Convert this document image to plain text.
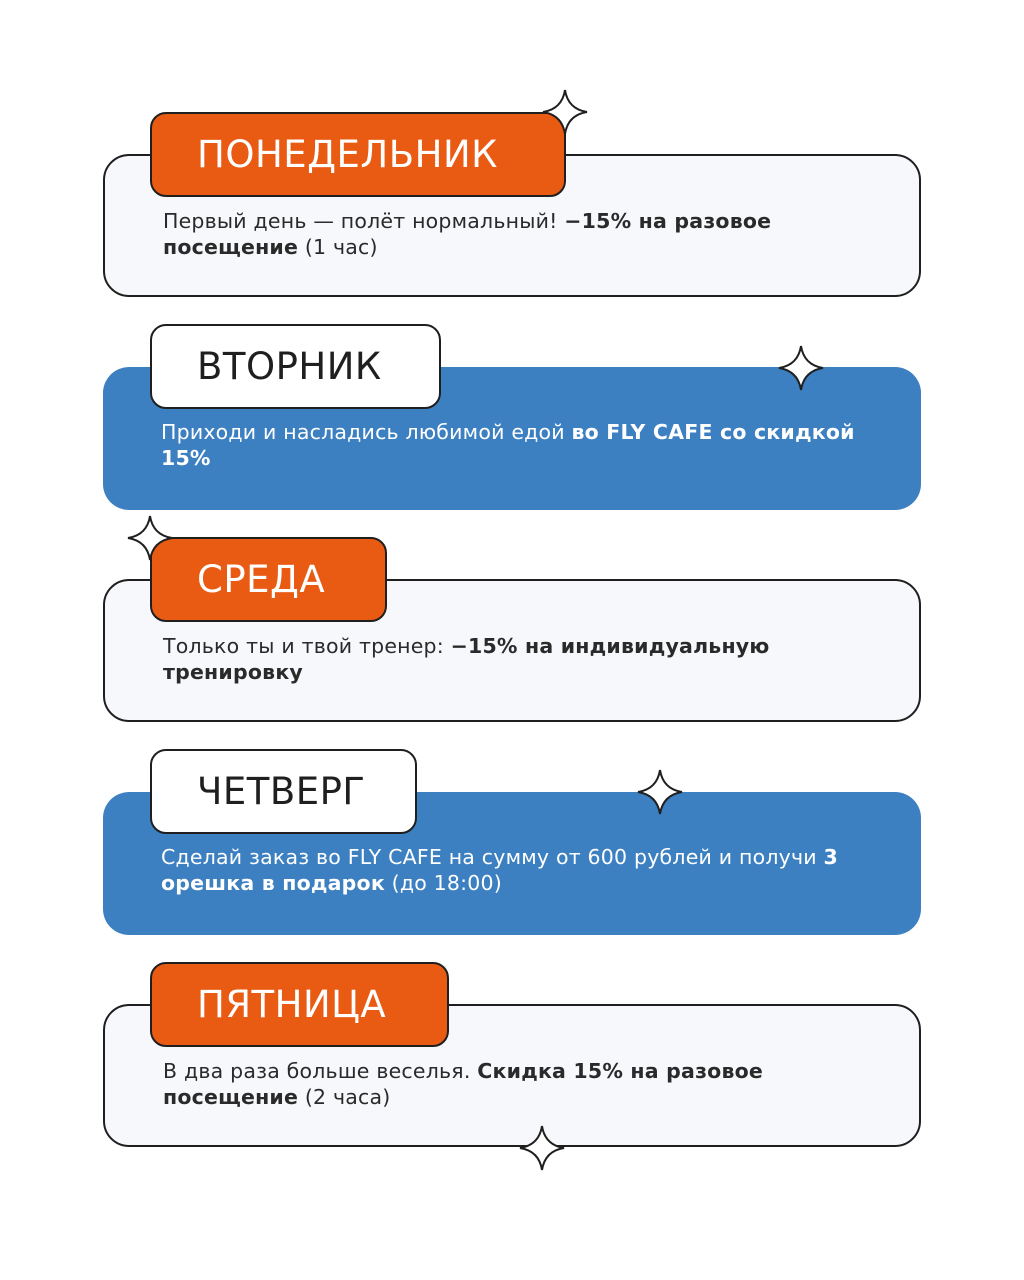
Первый день — полёт нормальный! −15% на разовое посещение (1 час)
ПОНЕДЕЛЬНИК
Приходи и насладись любимой едой во FLY CAFE со скидкой 15%
ВТОРНИК
Только ты и твой тренер: −15% на индивидуальную тренировку
СРЕДА
Сделай заказ во FLY CAFE на сумму от 600 рублей и получи 3 орешка в подарок (до 18:00)
ЧЕТВЕРГ
В два раза больше веселья. Скидка 15% на разовое посещение (2 часа)
ПЯТНИЦА
